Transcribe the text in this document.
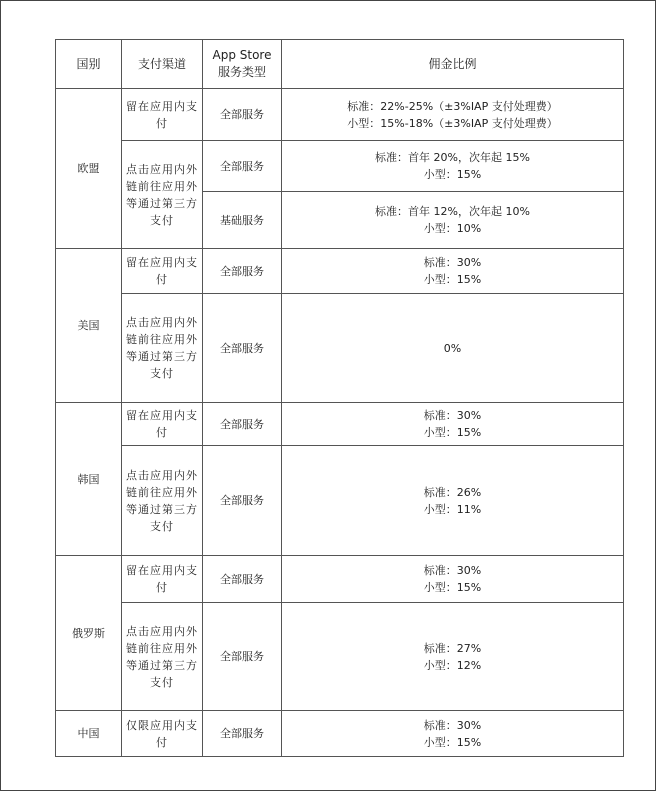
国别	支付渠道	App Store 服务类型	佣金比例
欧盟	留在应用内支付	全部服务	标准：22%-25%（±3%IAP 支付处理费）
小型：15%-18%（±3%IAP 支付处理费）

	点击应用内外链前往应用外等通过第三方支付	全部服务	标准：首年 20%，次年起 15%
小型：15%

		基础服务	标准：首年 12%，次年起 10%
小型：10%

美国	留在应用内支付	全部服务	标准：30%
小型：15%

	点击应用内外链前往应用外等通过第三方支付	全部服务	0%
韩国	留在应用内支付	全部服务	标准：30%
小型：15%

	点击应用内外链前往应用外等通过第三方支付	全部服务	标准：26%
小型：11%

俄罗斯	留在应用内支付	全部服务	标准：30%
小型：15%

	点击应用内外链前往应用外等通过第三方支付	全部服务	标准：27%
小型：12%

中国	仅限应用内支付	全部服务	标准：30%
小型：15%
